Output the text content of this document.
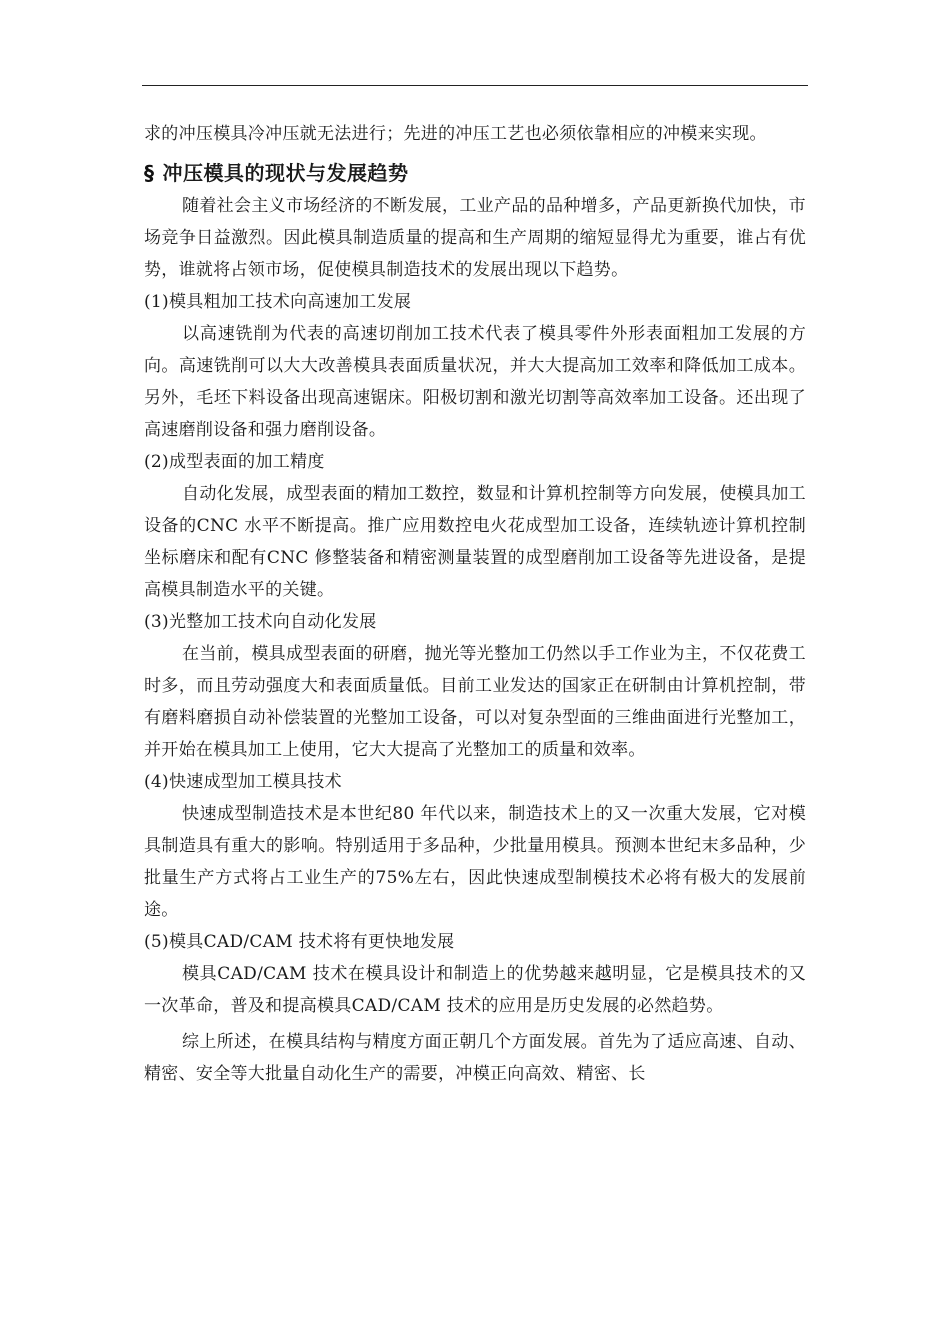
求的冲压模具冷冲压就无法进行；先进的冲压工艺也必须依靠相应的冲模来实现。

§ 冲压模具的现状与发展趋势

随着社会主义市场经济的不断发展，工业产品的品种增多，产品更新换代加快，市场竞争日益激烈。因此模具制造质量的提高和生产周期的缩短显得尤为重要，谁占有优势，谁就将占领市场，促使模具制造技术的发展出现以下趋势。

(1)模具粗加工技术向高速加工发展

以高速铣削为代表的高速切削加工技术代表了模具零件外形表面粗加工发展的方向。高速铣削可以大大改善模具表面质量状况，并大大提高加工效率和降低加工成本。另外，毛坯下料设备出现高速锯床。阳极切割和激光切割等高效率加工设备。还出现了高速磨削设备和强力磨削设备。

(2)成型表面的加工精度

自动化发展，成型表面的精加工数控，数显和计算机控制等方向发展，使模具加工设备的CNC 水平不断提高。推广应用数控电火花成型加工设备，连续轨迹计算机控制坐标磨床和配有CNC 修整装备和精密测量装置的成型磨削加工设备等先进设备，是提高模具制造水平的关键。

(3)光整加工技术向自动化发展

在当前，模具成型表面的研磨，抛光等光整加工仍然以手工作业为主，不仅花费工时多，而且劳动强度大和表面质量低。目前工业发达的国家正在研制由计算机控制，带有磨料磨损自动补偿装置的光整加工设备，可以对复杂型面的三维曲面进行光整加工，并开始在模具加工上使用，它大大提高了光整加工的质量和效率。

(4)快速成型加工模具技术

快速成型制造技术是本世纪80 年代以来，制造技术上的又一次重大发展，它对模具制造具有重大的影响。特别适用于多品种，少批量用模具。预测本世纪末多品种，少批量生产方式将占工业生产的75%左右，因此快速成型制模技术必将有极大的发展前途。

(5)模具CAD/CAM 技术将有更快地发展

模具CAD/CAM 技术在模具设计和制造上的优势越来越明显，它是模具技术的又一次革命，普及和提高模具CAD/CAM 技术的应用是历史发展的必然趋势。

综上所述，在模具结构与精度方面正朝几个方面发展。首先为了适应高速、自动、精密、安全等大批量自动化生产的需要，冲模正向高效、精密、长
